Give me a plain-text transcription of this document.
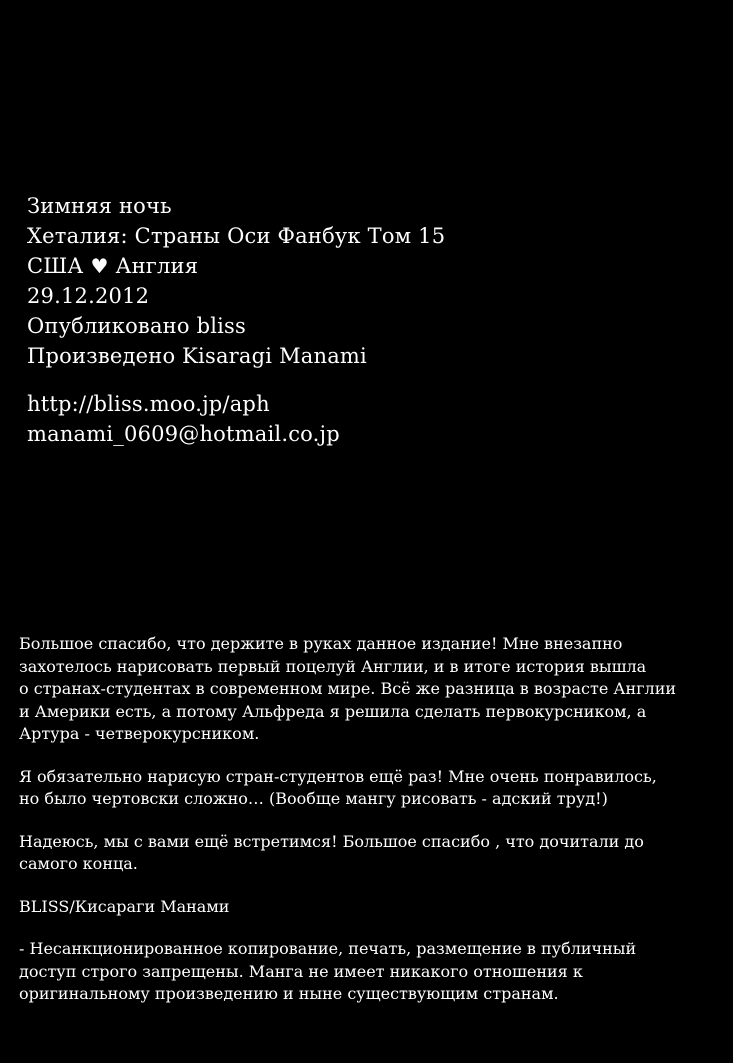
Зимняя ночь
Хеталия: Страны Оси Фанбук Том 15
США ♥ Англия
29.12.2012
Опубликовано bliss
Произведено Kisaragi Manami
http://bliss.moo.jp/aph
manami_0609@hotmail.co.jp
Большое спасибо, что держите в руках данное издание! Мне внезапно
захотелось нарисовать первый поцелуй Англии, и в итоге история вышла
о странах-студентах в современном мире. Всё же разница в возрасте Англии
и Америки есть, а потому Альфреда я решила сделать первокурсником, а
Артура - четверокурсником.
Я обязательно нарисую стран-студентов ещё раз! Мне очень понравилось,
но было чертовски сложно… (Вообще мангу рисовать - адский труд!)
Надеюсь, мы с вами ещё встретимся! Большое спасибо , что дочитали до
самого конца.
BLISS/Кисараги Манами
- Несанкционированное копирование, печать, размещение в публичный
доступ строго запрещены. Манга не имеет никакого отношения к
оригинальному произведению и ныне существующим странам.
